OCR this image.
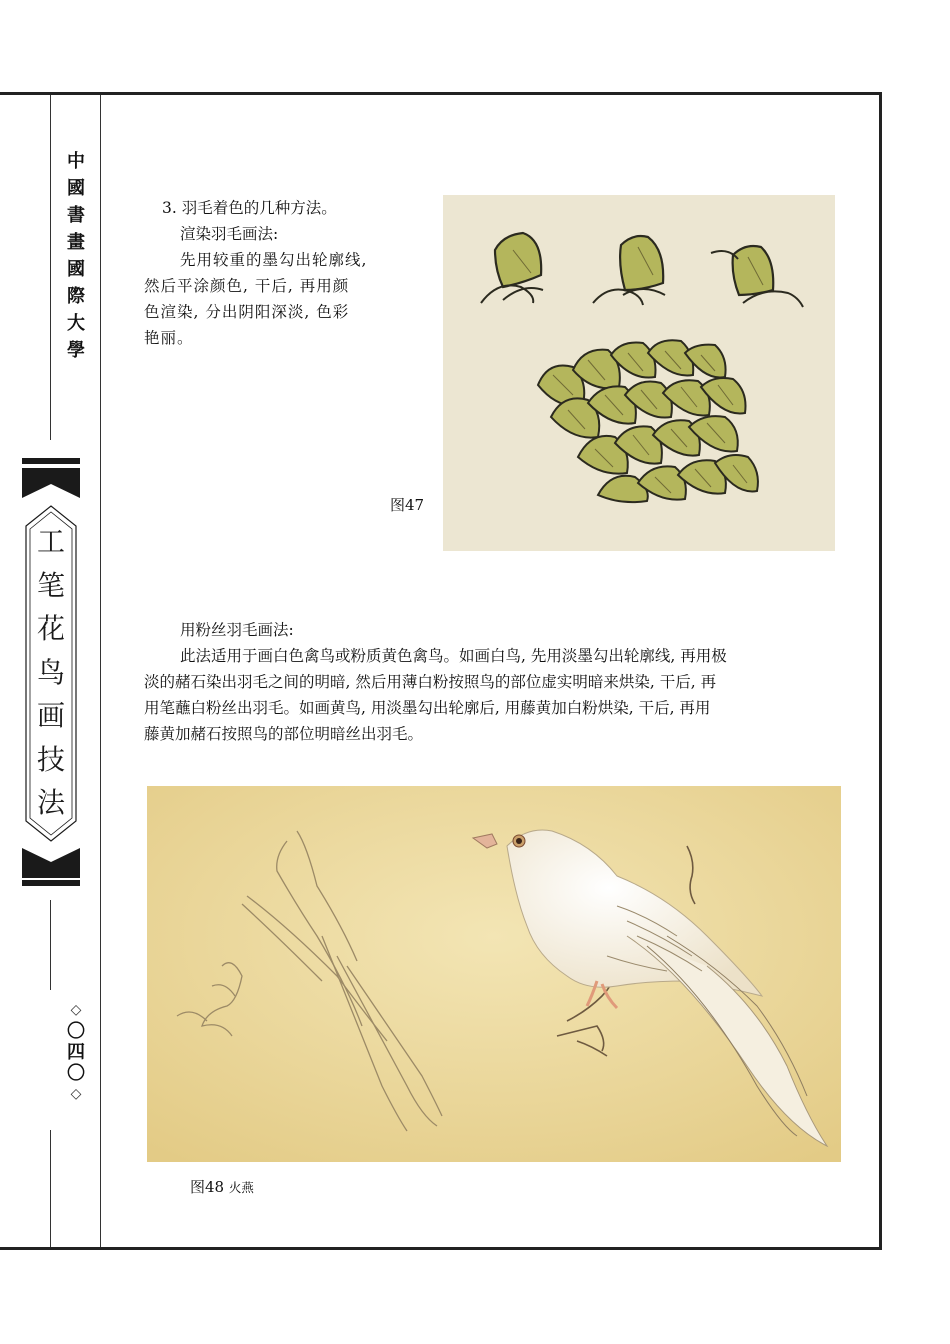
中國書畫國際大學
工笔花鸟画技法
◇
〇四〇
◇
3. 羽毛着色的几种方法。
渲染羽毛画法:
先用较重的墨勾出轮廓线,
然后平涂颜色, 干后, 再用颜
色渲染, 分出阴阳深淡, 色彩
艳丽。
图47
用粉丝羽毛画法:
此法适用于画白色禽鸟或粉质黄色禽鸟。如画白鸟, 先用淡墨勾出轮廓线, 再用极
淡的赭石染出羽毛之间的明暗, 然后用薄白粉按照鸟的部位虚实明暗来烘染, 干后, 再
用笔蘸白粉丝出羽毛。如画黄鸟, 用淡墨勾出轮廓后, 用藤黄加白粉烘染, 干后, 再用
藤黄加赭石按照鸟的部位明暗丝出羽毛。
图48 火燕
